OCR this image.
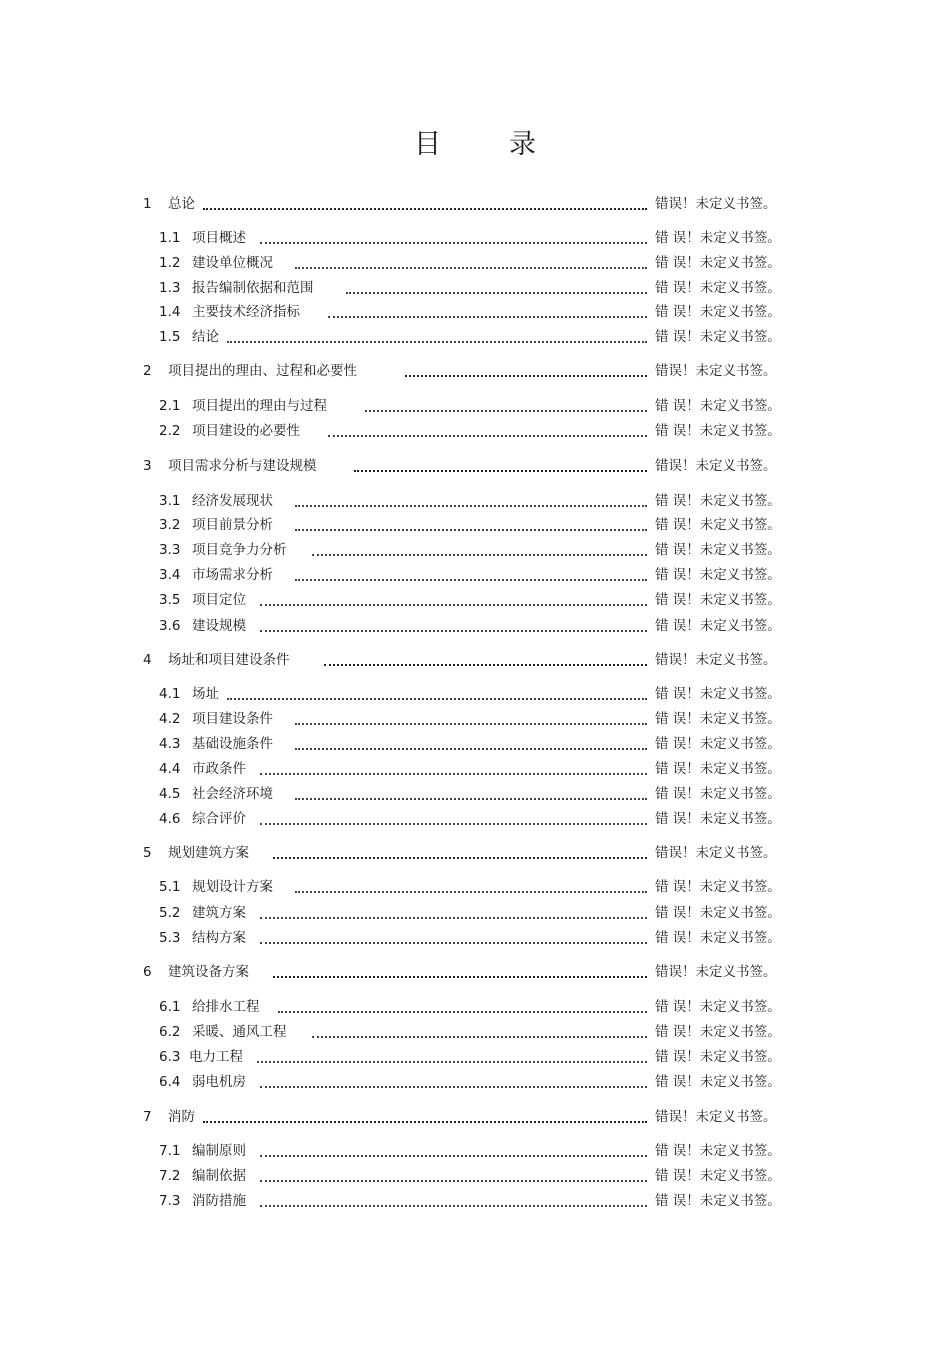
目	录
1 总论	错误！未定义书签。
1.1 项目概述	错 误！未定义书签。
1.2 建设单位概况	错 误！未定义书签。
1.3 报告编制依据和范围	错 误！未定义书签。
1.4 主要技术经济指标	错 误！未定义书签。
1.5 结论	错 误！未定义书签。
2 项目提出的理由、过程和必要性	错误！未定义书签。
2.1 项目提出的理由与过程	错 误！未定义书签。
2.2 项目建设的必要性	错 误！未定义书签。
3 项目需求分析与建设规模	错误！未定义书签。
3.1 经济发展现状	错 误！未定义书签。
3.2 项目前景分析	错 误！未定义书签。
3.3 项目竞争力分析	错 误！未定义书签。
3.4 市场需求分析	错 误！未定义书签。
3.5 项目定位	错 误！未定义书签。
3.6 建设规模	错 误！未定义书签。
4 场址和项目建设条件	错误！未定义书签。
4.1 场址	错 误！未定义书签。
4.2 项目建设条件	错 误！未定义书签。
4.3 基础设施条件	错 误！未定义书签。
4.4 市政条件	错 误！未定义书签。
4.5 社会经济环境	错 误！未定义书签。
4.6 综合评价	错 误！未定义书签。
5 规划建筑方案	错误！未定义书签。
5.1 规划设计方案	错 误！未定义书签。
5.2 建筑方案	错 误！未定义书签。
5.3 结构方案	错 误！未定义书签。
6 建筑设备方案	错误！未定义书签。
6.1 给排水工程	错 误！未定义书签。
6.2 采暖、通风工程	错 误！未定义书签。
6.3 电力工程	错 误！未定义书签。
6.4 弱电机房	错 误！未定义书签。
7 消防	错误！未定义书签。
7.1 编制原则	错 误！未定义书签。
7.2 编制依据	错 误！未定义书签。
7.3 消防措施	错 误！未定义书签。
